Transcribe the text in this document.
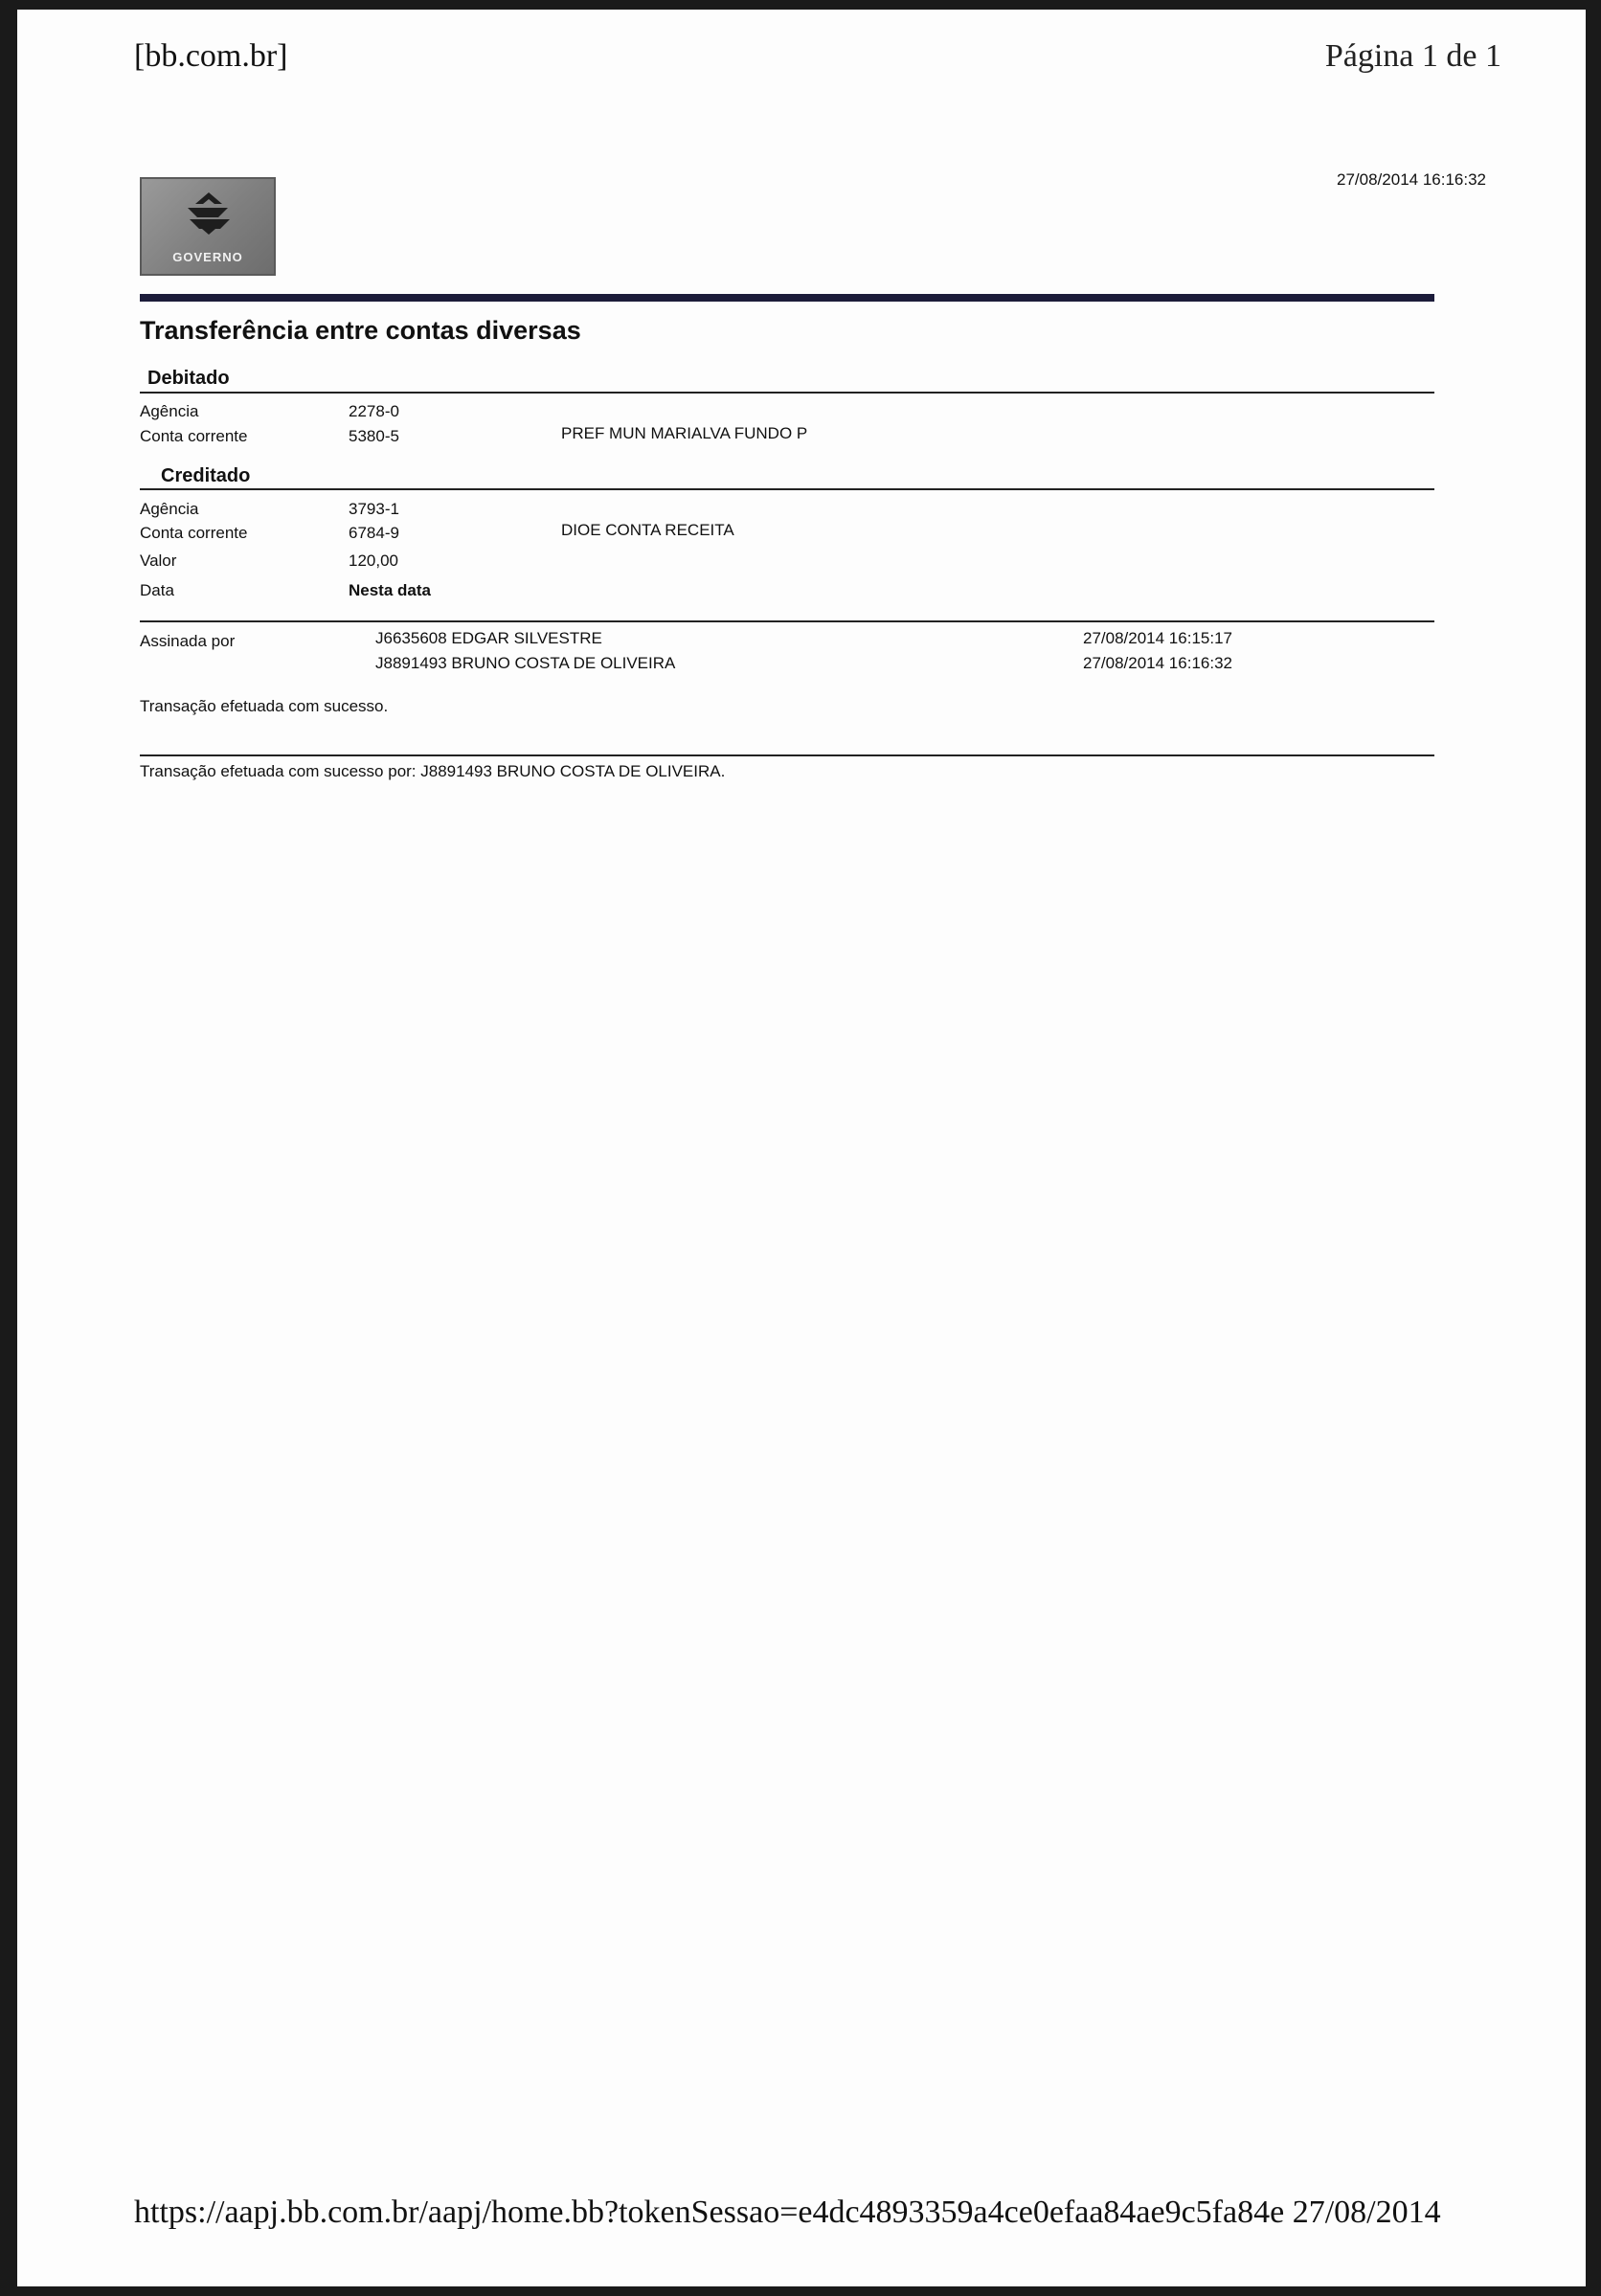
[bb.com.br]	Página 1 de 1
27/08/2014 16:16:32
GOVERNO
Transferência entre contas diversas
Debitado
Agência	2278-0
Conta corrente	5380-5	PREF MUN MARIALVA FUNDO P
Creditado
Agência	3793-1
Conta corrente	6784-9	DIOE CONTA RECEITA
Valor	120,00
Data	Nesta data
Assinada por	J6635608 EDGAR SILVESTRE	27/08/2014 16:15:17
J8891493 BRUNO COSTA DE OLIVEIRA	27/08/2014 16:16:32
Transação efetuada com sucesso.
Transação efetuada com sucesso por: J8891493 BRUNO COSTA DE OLIVEIRA.
https://aapj.bb.com.br/aapj/home.bb?tokenSessao=e4dc4893359a4ce0efaa84ae9c5fa84e 27/08/2014
